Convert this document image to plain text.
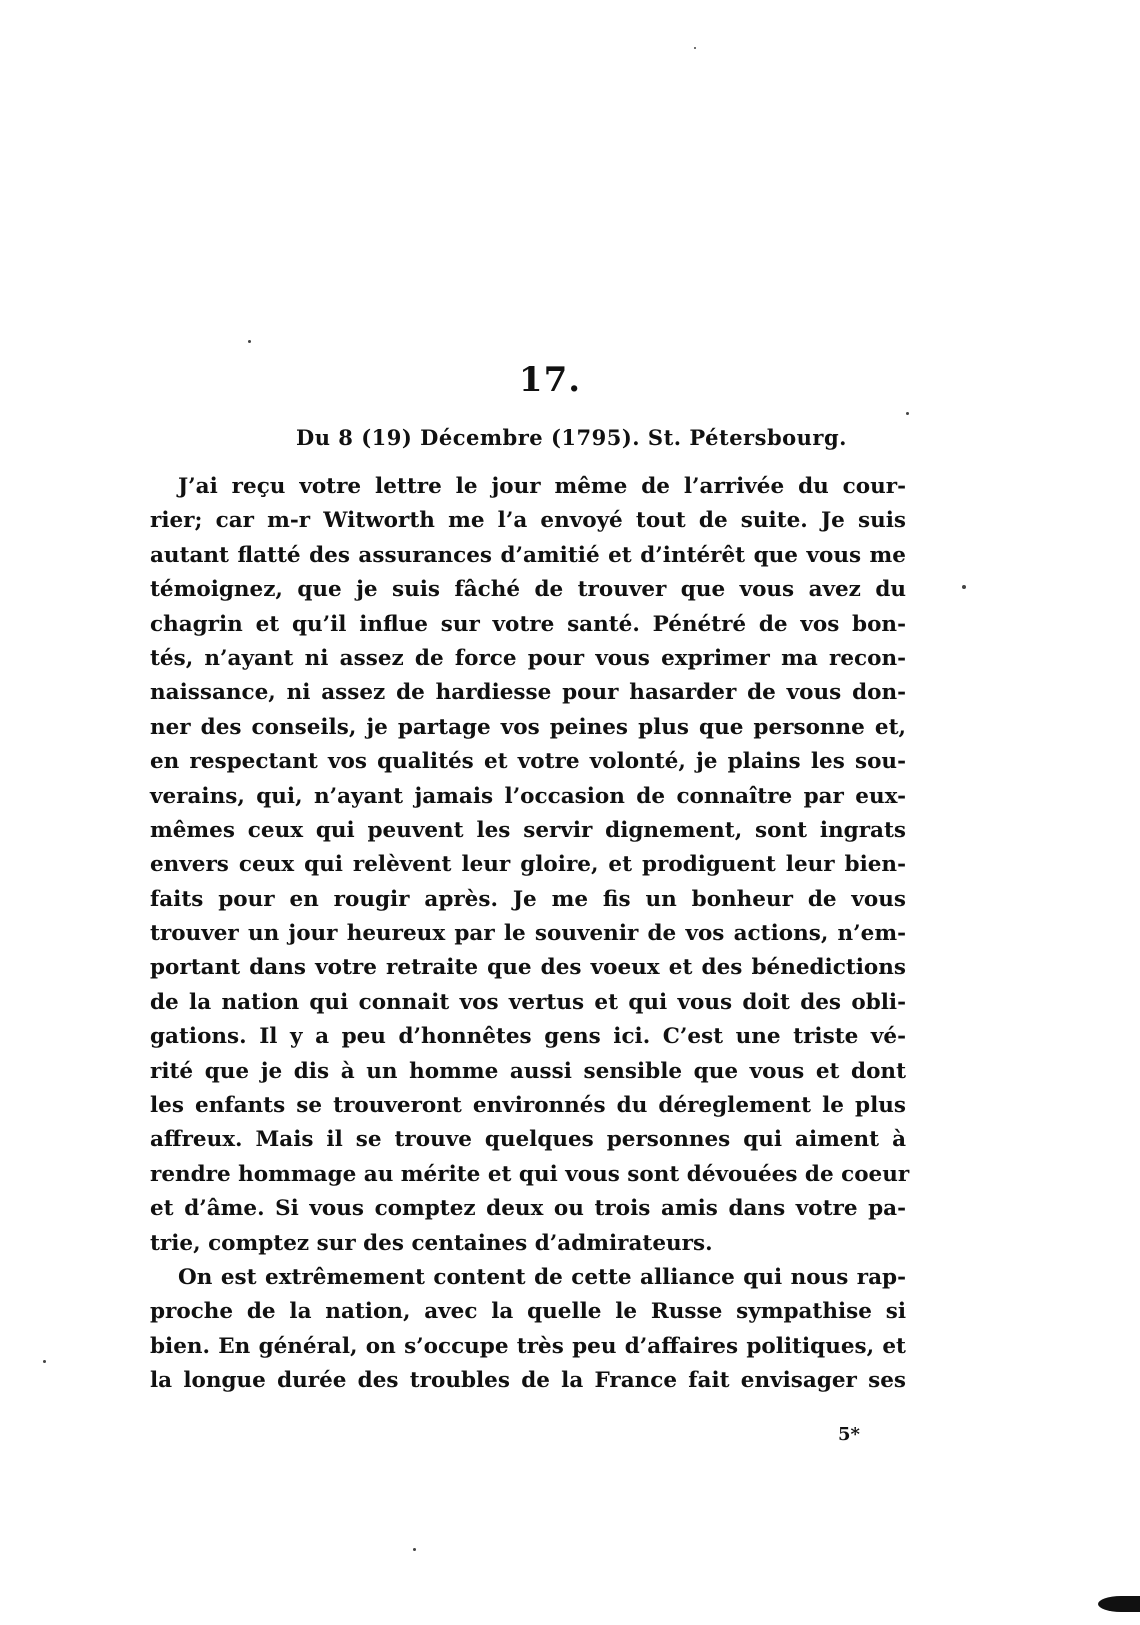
17.
Du 8 (19) Décembre (1795). St. Pétersbourg.
J’ai reçu votre lettre le jour même de l’arrivée du cour-
rier; car m-r Witworth me l’a envoyé tout de suite. Je suis
autant flatté des assurances d’amitié et d’intérêt que vous me
témoignez, que je suis fâché de trouver que vous avez du
chagrin et qu’il influe sur votre santé. Pénétré de vos bon-
tés, n’ayant ni assez de force pour vous exprimer ma recon-
naissance, ni assez de hardiesse pour hasarder de vous don-
ner des conseils, je partage vos peines plus que personne et,
en respectant vos qualités et votre volonté, je plains les sou-
verains, qui, n’ayant jamais l’occasion de connaître par eux-
mêmes ceux qui peuvent les servir dignement, sont ingrats
envers ceux qui relèvent leur gloire, et prodiguent leur bien-
faits pour en rougir après. Je me fis un bonheur de vous
trouver un jour heureux par le souvenir de vos actions, n’em-
portant dans votre retraite que des voeux et des bénedictions
de la nation qui connait vos vertus et qui vous doit des obli-
gations. Il y a peu d’honnêtes gens ici. C’est une triste vé-
rité que je dis à un homme aussi sensible que vous et dont
les enfants se trouveront environnés du déreglement le plus
affreux. Mais il se trouve quelques personnes qui aiment à
rendre hommage au mérite et qui vous sont dévouées de coeur
et d’âme. Si vous comptez deux ou trois amis dans votre pa-
trie, comptez sur des centaines d’admirateurs.
On est extrêmement content de cette alliance qui nous rap-
proche de la nation, avec la quelle le Russe sympathise si
bien. En général, on s’occupe très peu d’affaires politiques, et
la longue durée des troubles de la France fait envisager ses
5*
